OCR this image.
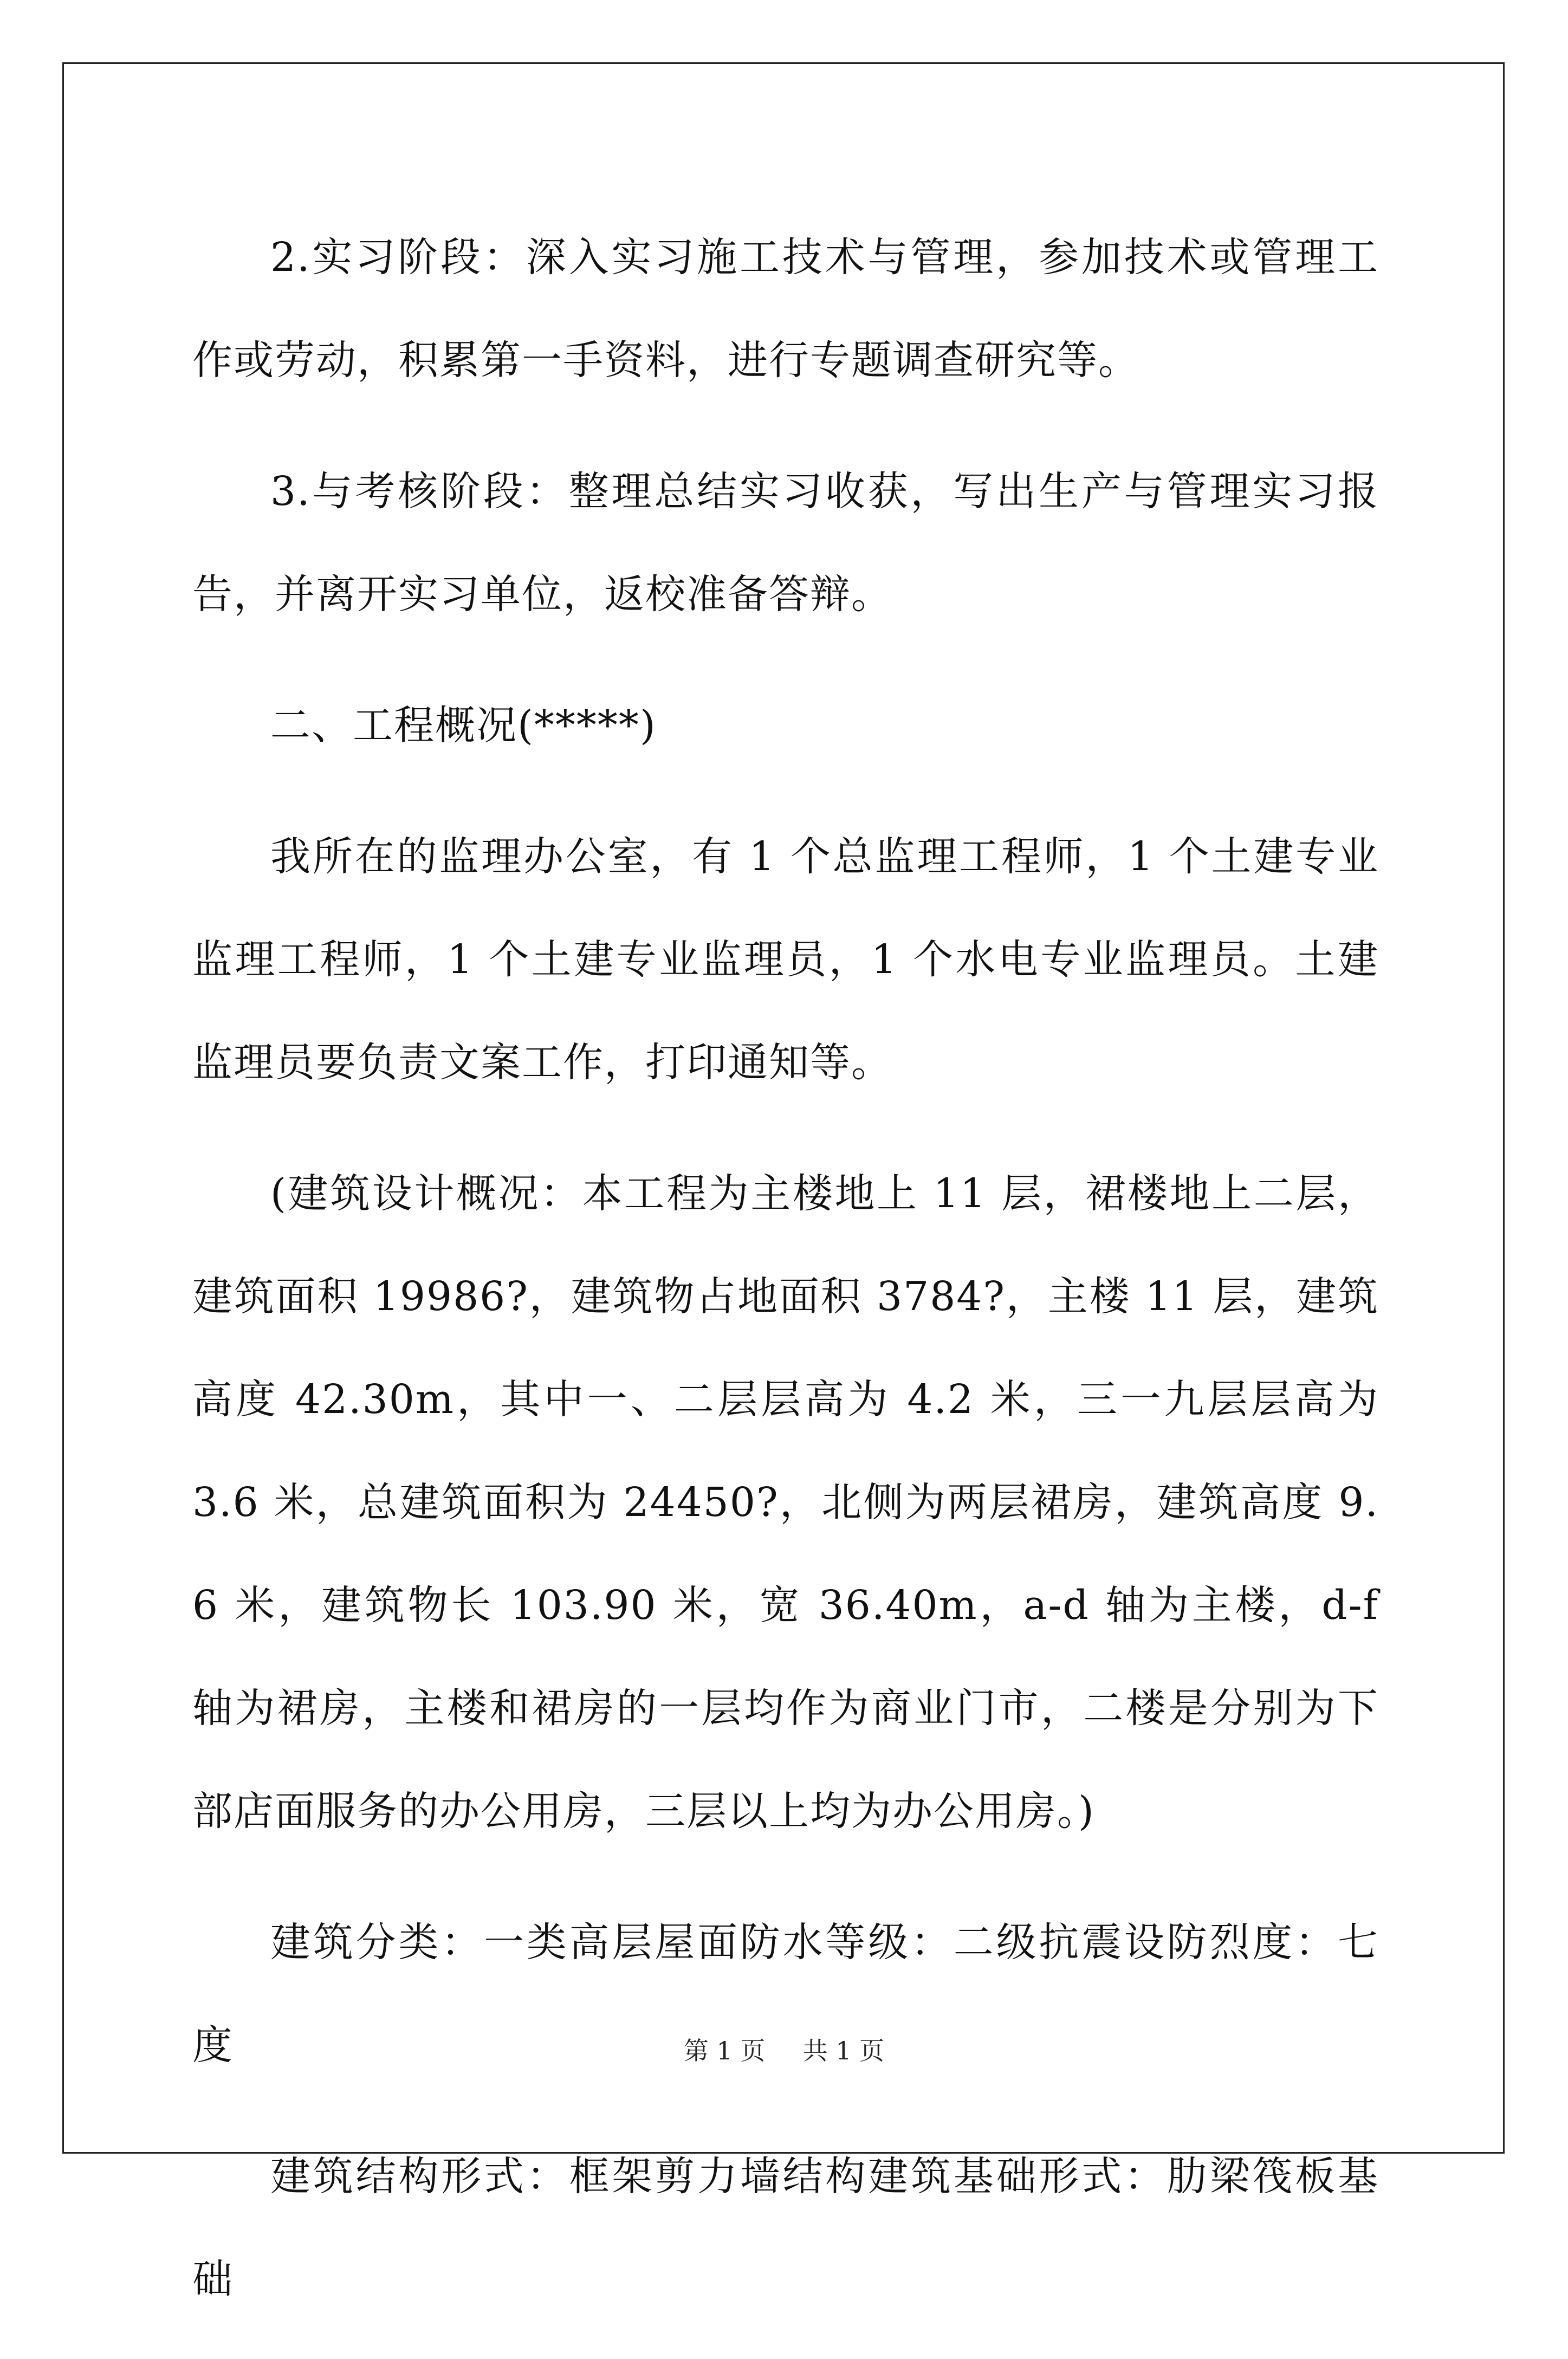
2.实习阶段：深入实习施工技术与管理，参加技术或管理工作或劳动，积累第一手资料，进行专题调查研究等。

3.与考核阶段：整理总结实习收获，写出生产与管理实习报告，并离开实习单位，返校准备答辩。

二、工程概况(*****)

我所在的监理办公室，有 1 个总监理工程师，1 个土建专业监理工程师，1 个土建专业监理员，1 个水电专业监理员。土建监理员要负责文案工作，打印通知等。

(建筑设计概况：本工程为主楼地上 11 层，裙楼地上二层，建筑面积 19986?，建筑物占地面积 3784?，主楼 11 层，建筑高度 42.30m，其中一、二层层高为 4.2 米，三一九层层高为 3.6 米，总建筑面积为 24450?，北侧为两层裙房，建筑高度 9.6 米，建筑物长 103.90 米，宽 36.40m，a-d 轴为主楼，d-f 轴为裙房，主楼和裙房的一层均作为商业门市，二楼是分别为下部店面服务的办公用房，三层以上均为办公用房。)

建筑分类：一类高层屋面防水等级：二级抗震设防烈度：七度

建筑结构形式：框架剪力墙结构建筑基础形式：肋梁筏板基础

第 1 页 共 1 页
